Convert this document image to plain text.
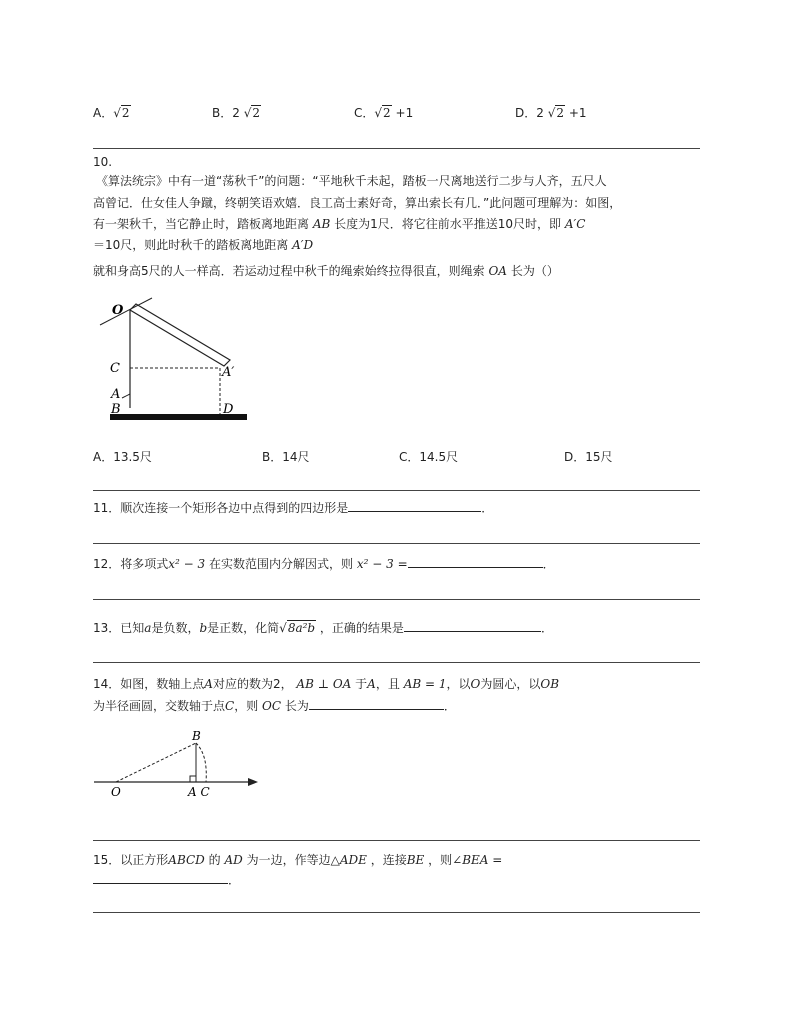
A．√2	B．2 √2	C．√2 +1	D．2 √2 +1
10.
《算法统宗》中有一道“荡秋千”的问题：“平地秋千未起，踏板一尺离地送行二步与人齐，五尺人
高曾记．仕女佳人争蹴，终朝笑语欢嬉．良工高士素好奇，算出索长有几．”此问题可理解为：如图，
有一架秋千，当它静止时，踏板离地距离 AB 长度为1尺．将它往前水平推送10尺时，即 A′C
＝10尺，则此时秋千的踏板离地距离 A′D
就和身高5尺的人一样高．若运动过程中秋千的绳索始终拉得很直，则绳索 OA 长为（）
O
C
A
B
A′
D
A．13.5尺	B．14尺	C．14.5尺	D．15尺
11．顺次连接一个矩形各边中点得到的四边形是	．
12．将多项式x² − 3 在实数范围内分解因式，则 x² − 3 =	．
13．已知a是负数，b是正数，化简√8a²b ，正确的结果是	．
14．如图，数轴上点A对应的数为2， AB ⊥ OA 于A，且 AB = 1，以O为圆心，以OB
为半径画圆，交数轴于点C，则 OC 长为	．
B
O	A C
15．以正方形ABCD 的 AD 为一边，作等边△ADE ，连接BE ，则∠BEA =
．
